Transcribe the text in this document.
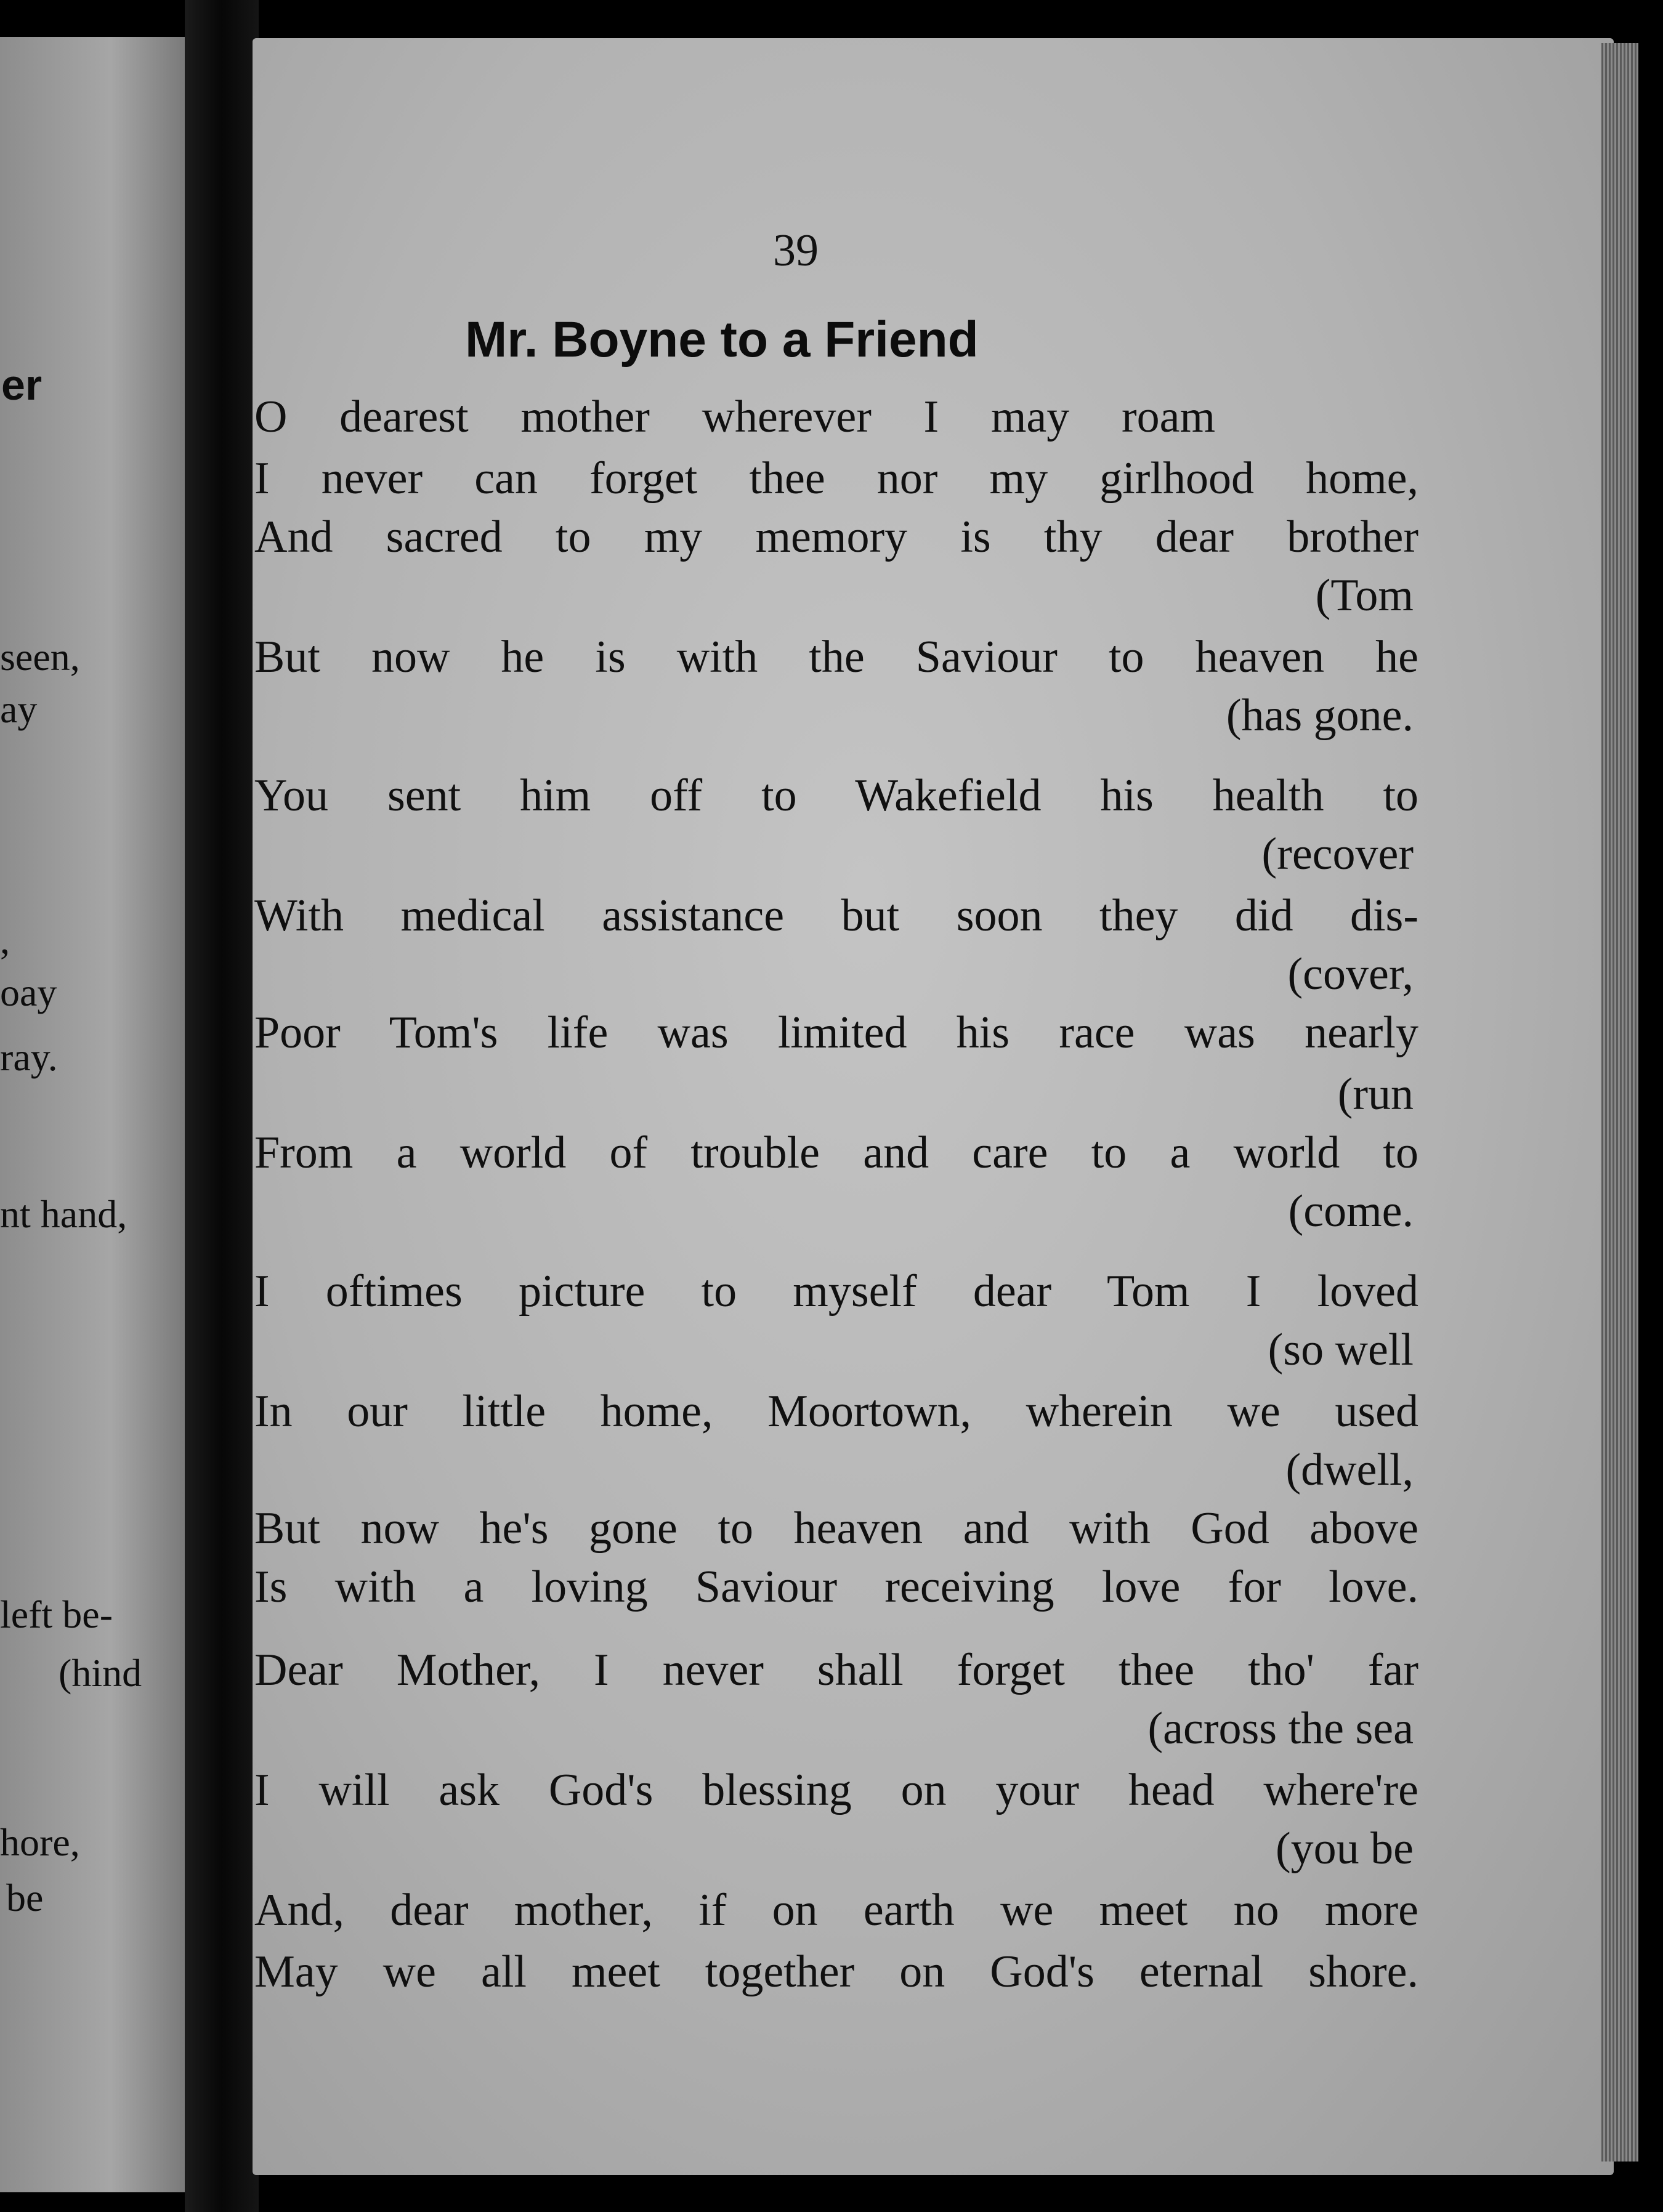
er
seen,
ay
,
oay
ray.
nt hand,
left be-
(hind
hore,
be
39
Mr. Boyne to a Friend
O dearest mother wherever I may roam
I never can forget thee nor my girlhood home,
And sacred to my memory is thy dear brother
(Tom
But now he is with the Saviour to heaven he
(has gone.
You sent him off to Wakefield his health to
(recover
With medical assistance but soon they did dis-
(cover,
Poor Tom's life was limited his race was nearly
(run
From a world of trouble and care to a world to
(come.
I oftimes picture to myself dear Tom I loved
(so well
In our little home, Moortown, wherein we used
(dwell,
But now he's gone to heaven and with God above
Is with a loving Saviour receiving love for love.
Dear Mother, I never shall forget thee tho' far
(across the sea
I will ask God's blessing on your head where're
(you be
And, dear mother, if on earth we meet no more
May we all meet together on God's eternal shore.
